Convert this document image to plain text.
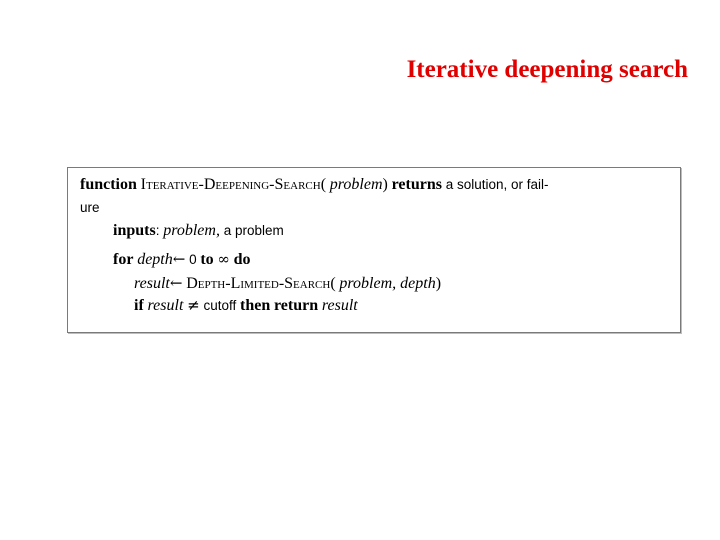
Iterative deepening search
function Iterative-Deepening-Search( problem) returns a solution, or fail-
ure
inputs: problem, a problem
for depth← 0 to ∞ do
result← Depth-Limited-Search( problem, depth)
if result ≠ cutoff then return result
